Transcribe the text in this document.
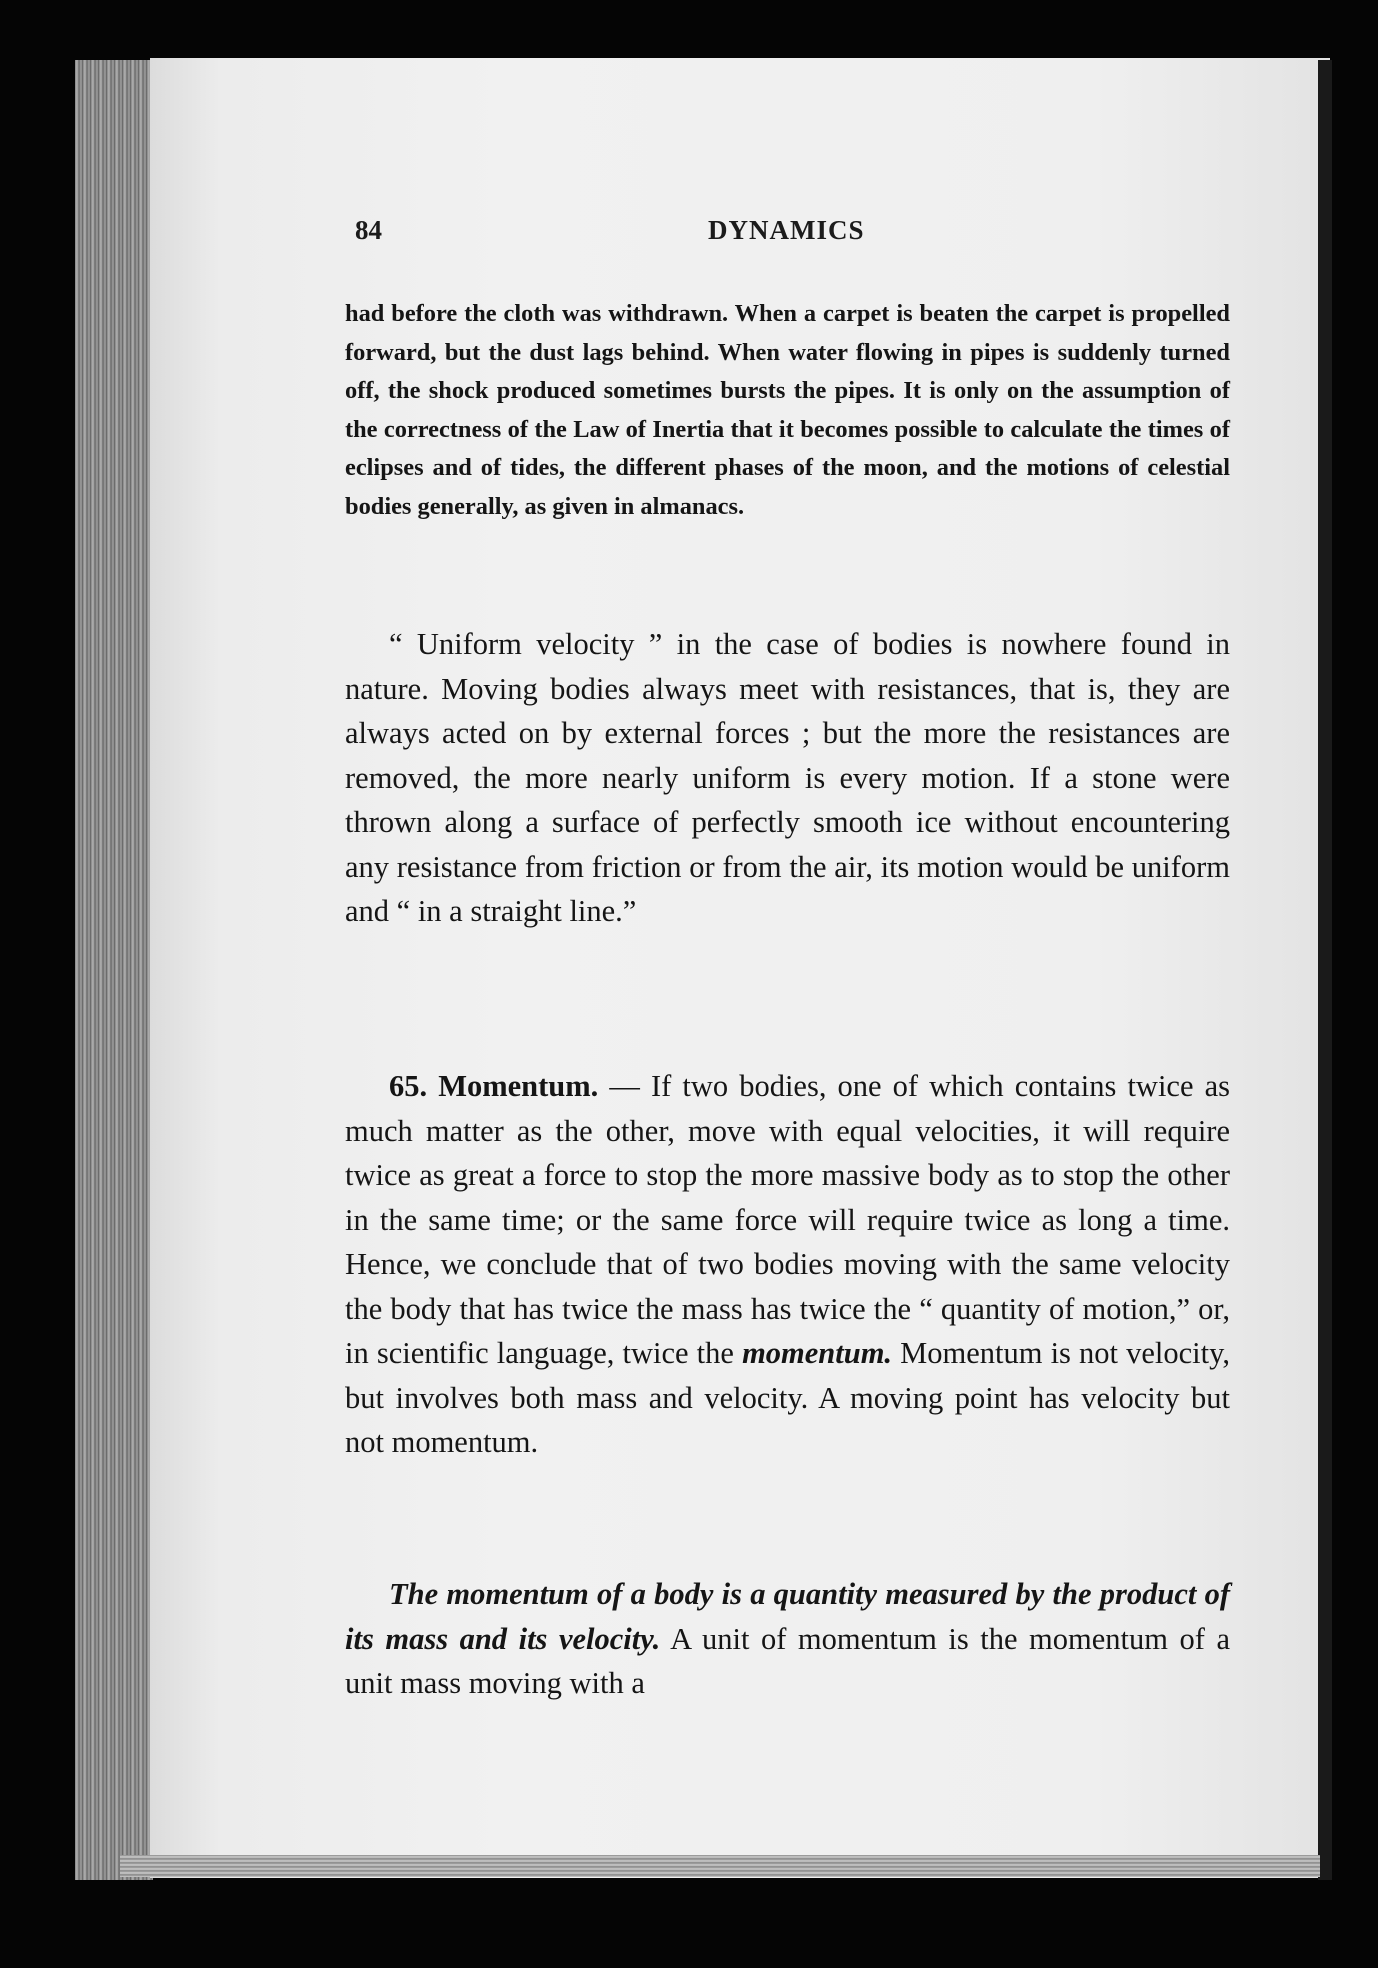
84	DYNAMICS

had before the cloth was withdrawn. When a carpet is beaten the carpet is propelled forward, but the dust lags behind. When water flowing in pipes is suddenly turned off, the shock produced sometimes bursts the pipes. It is only on the assumption of the correctness of the Law of Inertia that it becomes possible to calculate the times of eclipses and of tides, the different phases of the moon, and the motions of celestial bodies generally, as given in almanacs.

“ Uniform velocity ” in the case of bodies is nowhere found in nature. Moving bodies always meet with resistances, that is, they are always acted on by external forces ; but the more the resistances are removed, the more nearly uniform is every motion. If a stone were thrown along a surface of perfectly smooth ice without encountering any resistance from friction or from the air, its motion would be uniform and “ in a straight line.”

65. Momentum. — If two bodies, one of which contains twice as much matter as the other, move with equal velocities, it will require twice as great a force to stop the more massive body as to stop the other in the same time; or the same force will require twice as long a time. Hence, we conclude that of two bodies moving with the same velocity the body that has twice the mass has twice the “ quantity of motion,” or, in scientific language, twice the momentum. Momentum is not velocity, but involves both mass and velocity. A moving point has velocity but not momentum.

The momentum of a body is a quantity measured by the product of its mass and its velocity. A unit of momentum is the momentum of a unit mass moving with a
